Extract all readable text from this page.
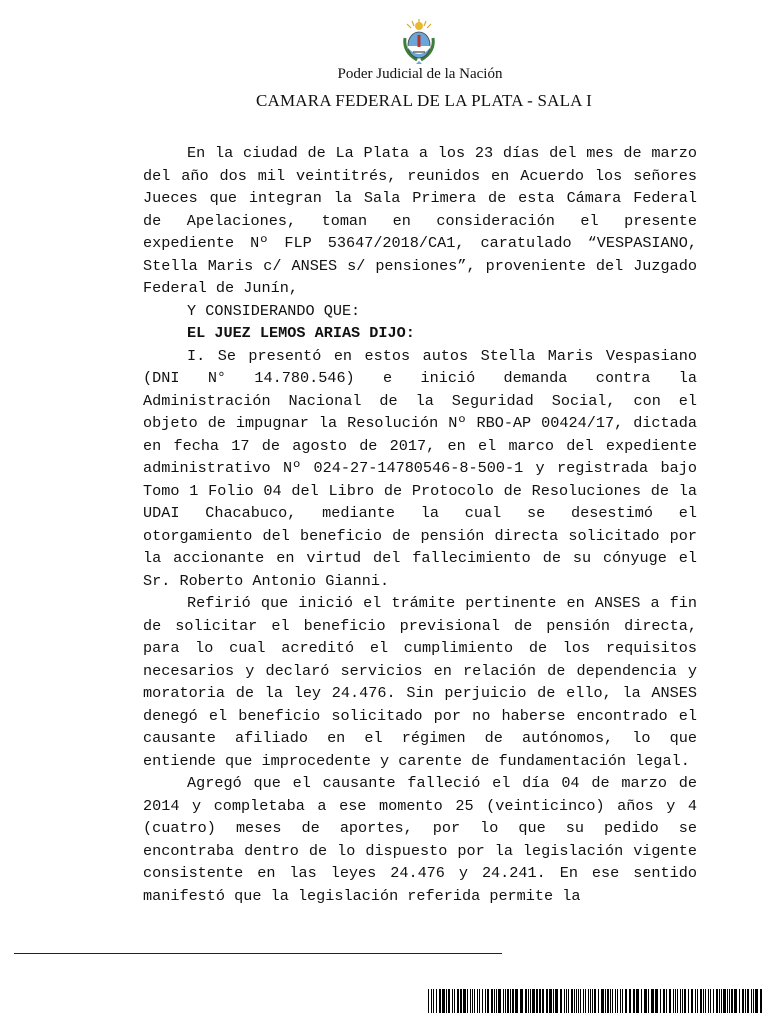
Poder Judicial de la Nación
CAMARA FEDERAL DE LA PLATA - SALA I

En la ciudad de La Plata a los 23 días del mes de marzo del año dos mil veintitrés, reunidos en Acuerdo los señores Jueces que integran la Sala Primera de esta Cámara Federal de Apelaciones, toman en consideración el presente expediente Nº FLP 53647/2018/CA1, caratulado “VESPASIANO, Stella Maris c/ ANSES s/ pensiones”, proveniente del Juzgado Federal de Junín,

Y CONSIDERANDO QUE:

EL JUEZ LEMOS ARIAS DIJO:

I. Se presentó en estos autos Stella Maris Vespasiano (DNI N° 14.780.546) e inició demanda contra la Administración Nacional de la Seguridad Social, con el objeto de impugnar la Resolución Nº RBO-AP 00424/17, dictada en fecha 17 de agosto de 2017, en el marco del expediente administrativo Nº 024-27-14780546-8-500-1 y registrada bajo Tomo 1 Folio 04 del Libro de Protocolo de Resoluciones de la UDAI Chacabuco, mediante la cual se desestimó el otorgamiento del beneficio de pensión directa solicitado por la accionante en virtud del fallecimiento de su cónyuge el Sr. Roberto Antonio Gianni.

Refirió que inició el trámite pertinente en ANSES a fin de solicitar el beneficio previsional de pensión directa, para lo cual acreditó el cumplimiento de los requisitos necesarios y declaró servicios en relación de dependencia y moratoria de la ley 24.476. Sin perjuicio de ello, la ANSES denegó el beneficio solicitado por no haberse encontrado el causante afiliado en el régimen de autónomos, lo que entiende que improcedente y carente de fundamentación legal.

Agregó que el causante falleció el día 04 de marzo de 2014 y completaba a ese momento 25 (veinticinco) años y 4 (cuatro) meses de aportes, por lo que su pedido se encontraba dentro de lo dispuesto por la legislación vigente consistente en las leyes 24.476 y 24.241. En ese sentido manifestó que la legislación referida permite la
